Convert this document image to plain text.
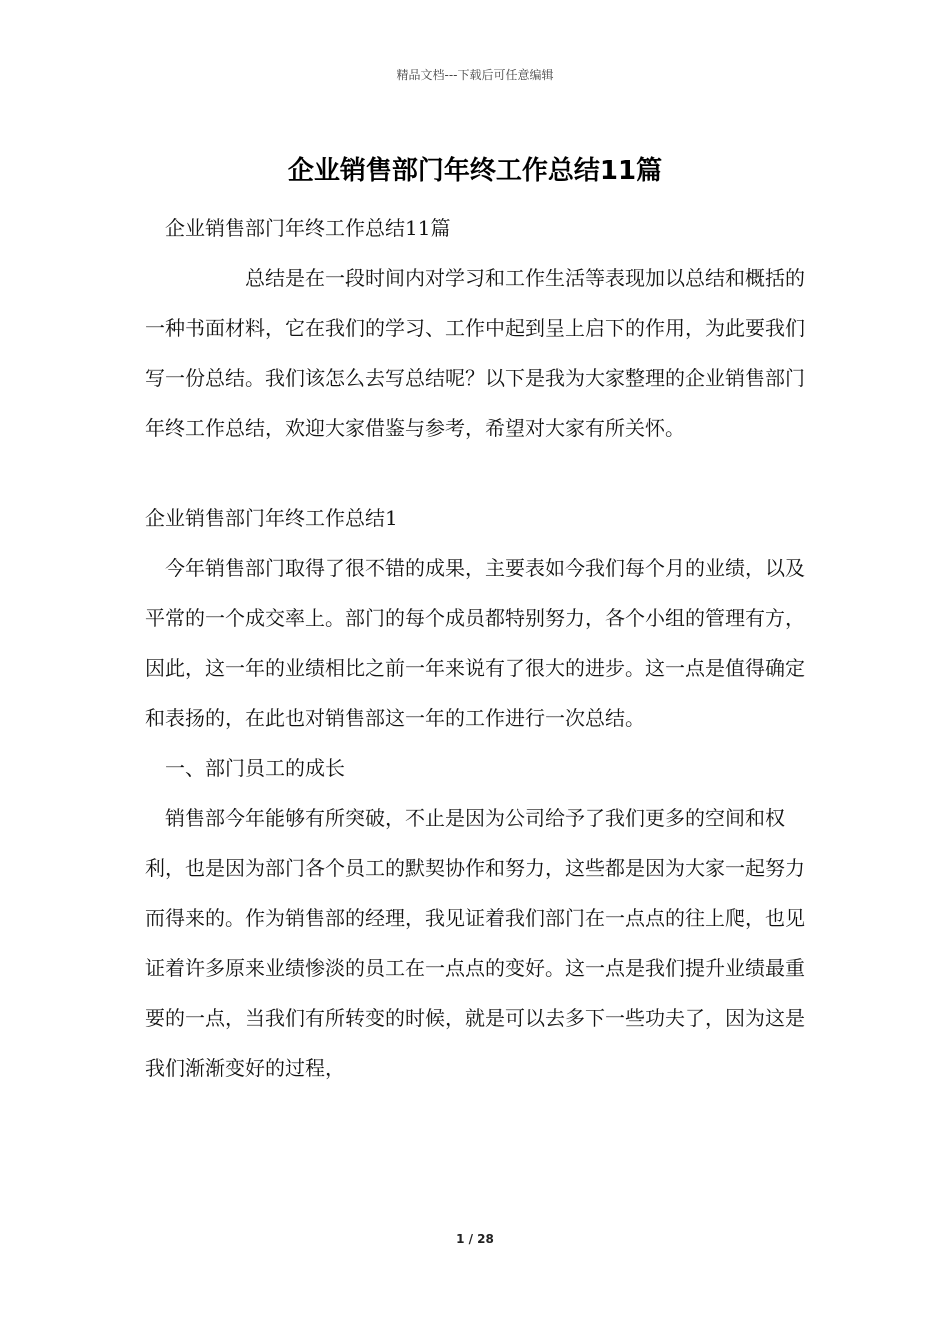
精品文档---下载后可任意编辑
企业销售部门年终工作总结11篇

企业销售部门年终工作总结11篇

总结是在一段时间内对学习和工作生活等表现加以总结和概括的一种书面材料，它在我们的学习、工作中起到呈上启下的作用，为此要我们写一份总结。我们该怎么去写总结呢？以下是我为大家整理的企业销售部门年终工作总结，欢迎大家借鉴与参考，希望对大家有所关怀。

企业销售部门年终工作总结1

今年销售部门取得了很不错的成果，主要表如今我们每个月的业绩，以及平常的一个成交率上。部门的每个成员都特别努力，各个小组的管理有方，因此，这一年的业绩相比之前一年来说有了很大的进步。这一点是值得确定和表扬的，在此也对销售部这一年的工作进行一次总结。

一、部门员工的成长

销售部今年能够有所突破，不止是因为公司给予了我们更多的空间和权利，也是因为部门各个员工的默契协作和努力，这些都是因为大家一起努力而得来的。作为销售部的经理，我见证着我们部门在一点点的往上爬，也见证着许多原来业绩惨淡的员工在一点点的变好。这一点是我们提升业绩最重要的一点，当我们有所转变的时候，就是可以去多下一些功夫了，因为这是我们渐渐变好的过程，

1 / 28
